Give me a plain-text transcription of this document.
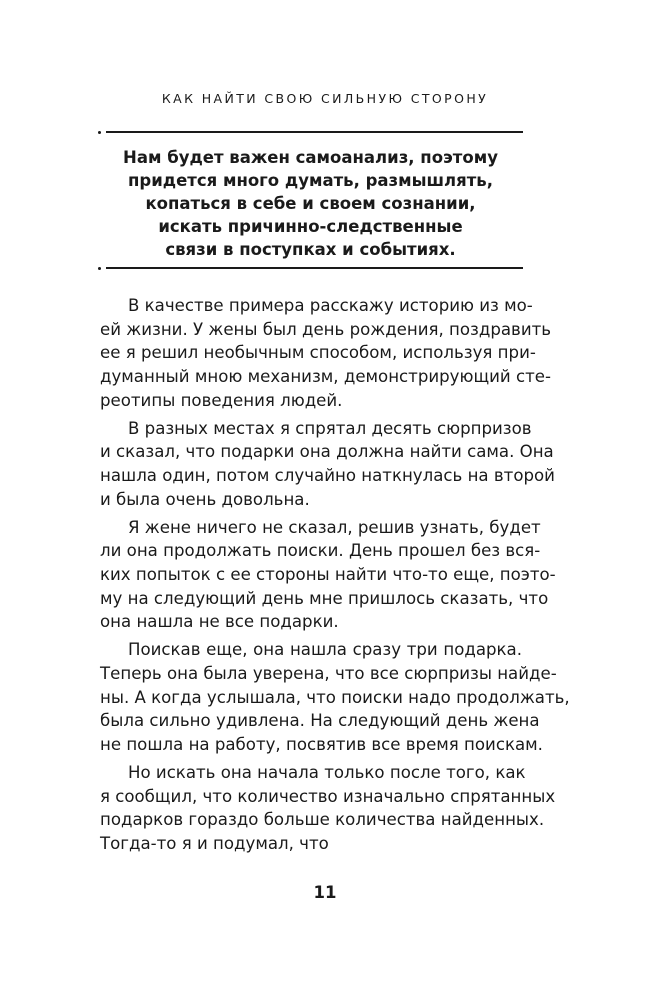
КАК НАЙТИ СВОЮ СИЛЬНУЮ СТОРОНУ

Нам будет важен самоанализ, поэтому
придется много думать, размышлять,
копаться в себе и своем сознании,
искать причинно-следственные
связи в поступках и событиях.

В качестве примера расскажу историю из мо-
ей жизни. У жены был день рождения, поздравить
ее я решил необычным способом, используя при-
думанный мною механизм, демонстрирующий сте-
реотипы поведения людей.
В разных местах я спрятал десять сюрпризов
и сказал, что подарки она должна найти сама. Она
нашла один, потом случайно наткнулась на второй
и была очень довольна.
Я жене ничего не сказал, решив узнать, будет
ли она продолжать поиски. День прошел без вся-
ких попыток с ее стороны найти что-то еще, поэто-
му на следующий день мне пришлось сказать, что
она нашла не все подарки.
Поискав еще, она нашла сразу три подарка.
Теперь она была уверена, что все сюрпризы найде-
ны. А когда услышала, что поиски надо продолжать,
была сильно удивлена. На следующий день жена
не пошла на работу, посвятив все время поискам.
Но искать она начала только после того, как
я сообщил, что количество изначально спрятанных
подарков гораздо больше количества найденных.
Тогда-то я и подумал, что
11
